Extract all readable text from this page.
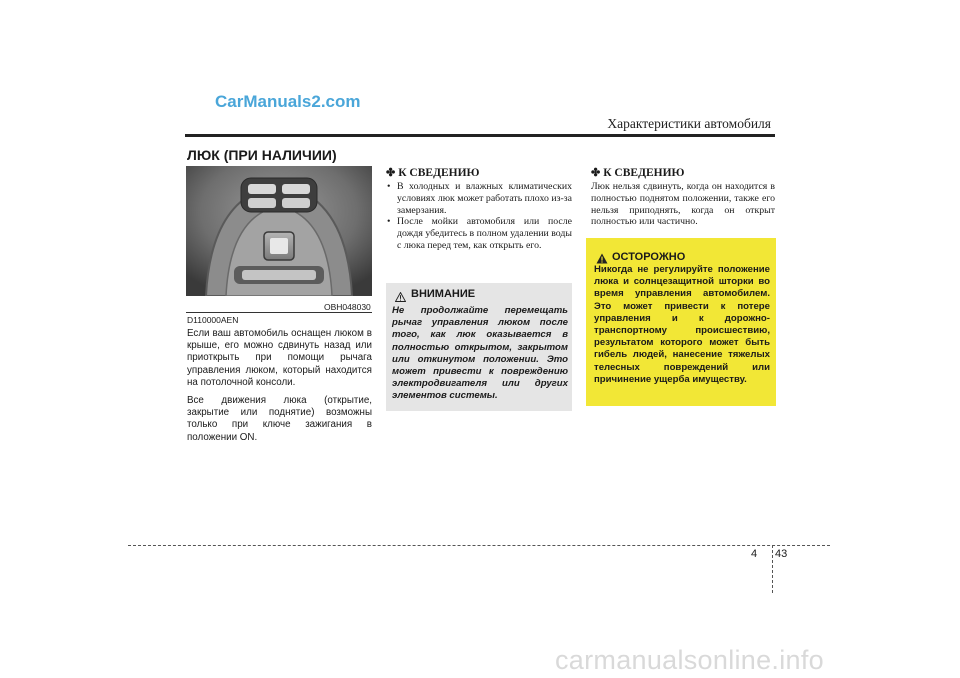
CarManuals2.com
Характеристики автомобиля
ЛЮК (ПРИ НАЛИЧИИ)
OBH048030
D110000AEN
Если ваш автомобиль оснащен люком в крыше, его можно сдвинуть назад или приоткрыть при помощи рычага управления люком, который находится на потолочной консоли.
Все движения люка (открытие, закрытие или поднятие) возможны только при ключе зажигания в положении ON.
✤ К СВЕДЕНИЮ
• В холодных и влажных климатических условиях люк может работать плохо из-за замерзания.
• После мойки автомобиля или после дождя убедитесь в полном удалении воды с люка перед тем, как открыть его.
ВНИМАНИЕ
Не продолжайте перемещать рычаг управления люком после того, как люк оказывается в полностью открытом, закрытом или откинутом положении. Это может привести к повреждению электродвигателя или других элементов системы.
✤ К СВЕДЕНИЮ
Люк нельзя сдвинуть, когда он находится в полностью поднятом положении, также его нельзя приподнять, когда он открыт полностью или частично.
ОСТОРОЖНО
Никогда не регулируйте положение люка и солнцезащитной шторки во время управления автомобилем. Это может привести к потере управления и к дорожно-транспортному происшествию, результатом которого может быть гибель людей, нанесение тяжелых телесных повреждений или причинение ущерба имуществу.
4 43
carmanualsonline.info
